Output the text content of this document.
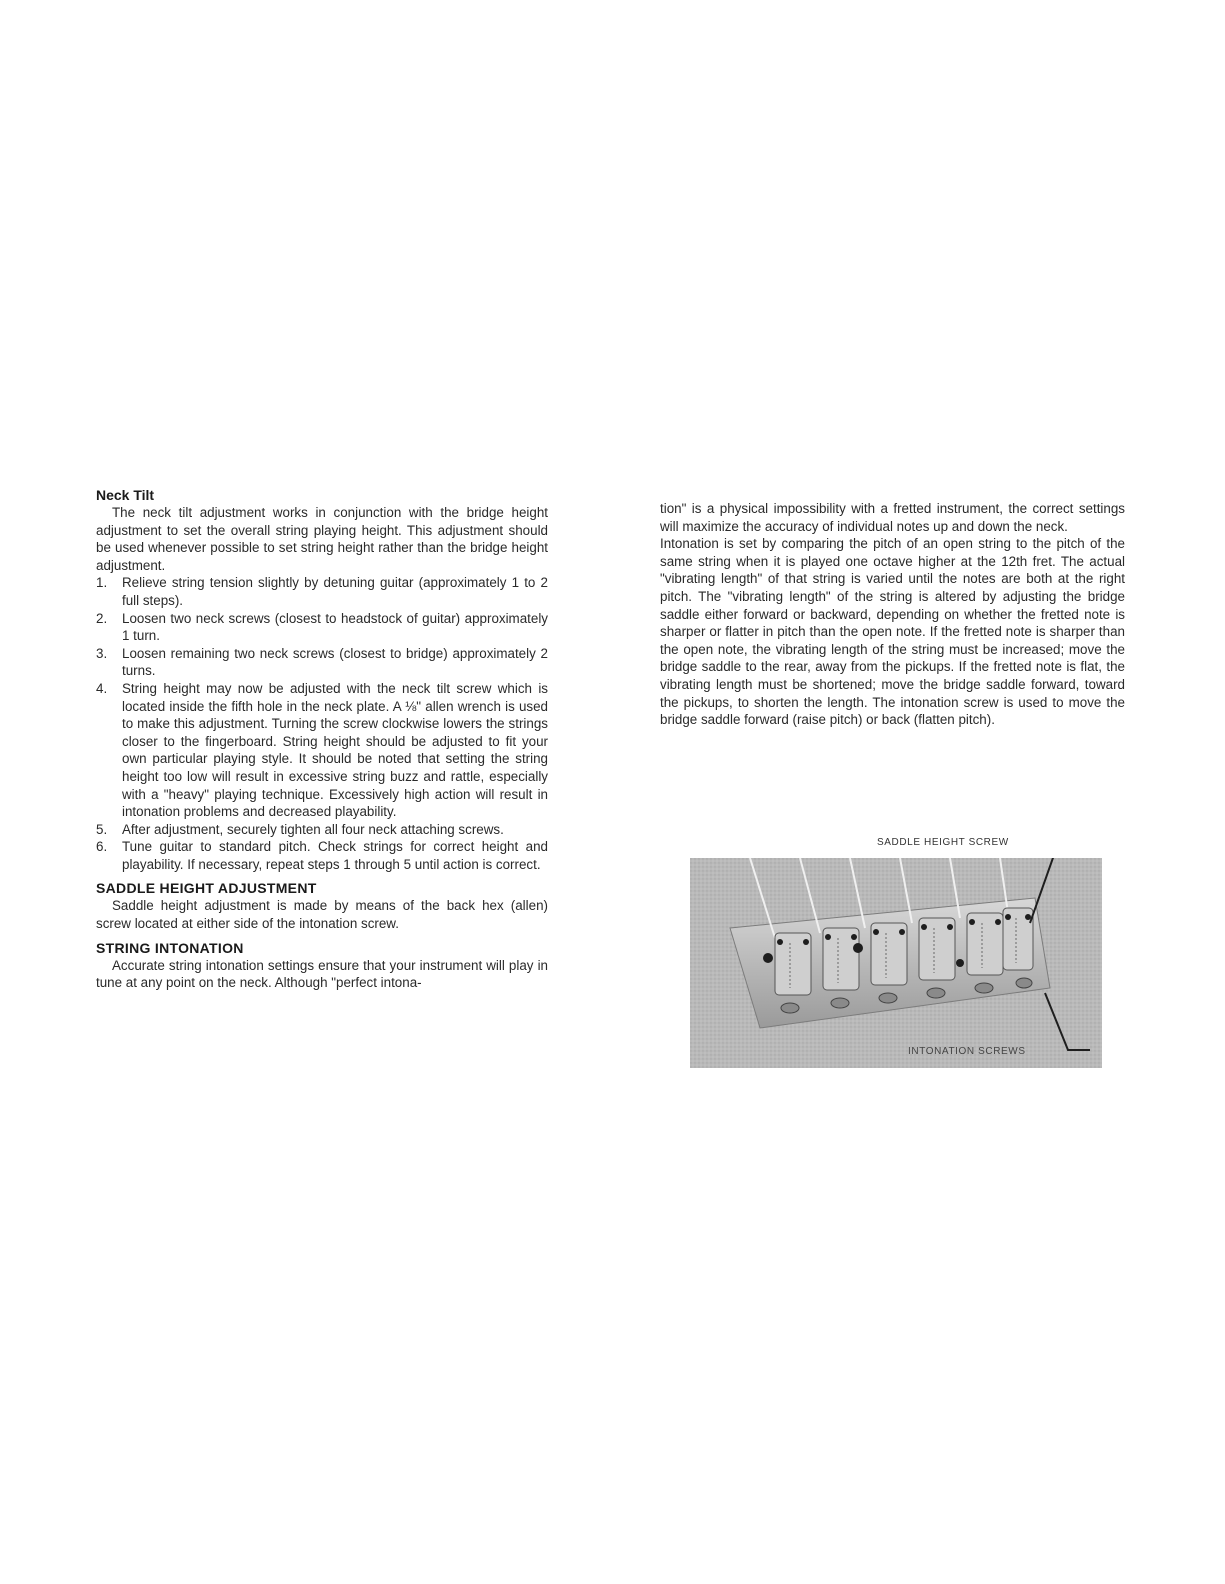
Neck Tilt

The neck tilt adjustment works in conjunction with the bridge height adjustment to set the overall string playing height. This adjustment should be used whenever possible to set string height rather than the bridge height adjustment.

1. Relieve string tension slightly by detuning guitar (approximately 1 to 2 full steps).
2. Loosen two neck screws (closest to headstock of guitar) approximately 1 turn.
3. Loosen remaining two neck screws (closest to bridge) approximately 2 turns.
4. String height may now be adjusted with the neck tilt screw which is located inside the fifth hole in the neck plate. A ⅛" allen wrench is used to make this adjustment. Turning the screw clockwise lowers the strings closer to the fingerboard. String height should be adjusted to fit your own particular playing style. It should be noted that setting the string height too low will result in excessive string buzz and rattle, especially with a "heavy" playing technique. Excessively high action will result in intonation problems and decreased playability.
5. After adjustment, securely tighten all four neck attaching screws.
6. Tune guitar to standard pitch. Check strings for correct height and playability. If necessary, repeat steps 1 through 5 until action is correct.
SADDLE HEIGHT ADJUSTMENT

Saddle height adjustment is made by means of the back hex (allen) screw located at either side of the intonation screw.

STRING INTONATION

Accurate string intonation settings ensure that your instrument will play in tune at any point on the neck. Although "perfect intona-

tion" is a physical impossibility with a fretted instrument, the correct settings will maximize the accuracy of individual notes up and down the neck.

Intonation is set by comparing the pitch of an open string to the pitch of the same string when it is played one octave higher at the 12th fret. The actual "vibrating length" of that string is varied until the notes are both at the right pitch. The "vibrating length" of the string is altered by adjusting the bridge saddle either forward or backward, depending on whether the fretted note is sharper or flatter in pitch than the open note. If the fretted note is sharper than the open note, the vibrating length of the string must be increased; move the bridge saddle to the rear, away from the pickups. If the fretted note is flat, the vibrating length must be shortened; move the bridge saddle forward, toward the pickups, to shorten the length. The intonation screw is used to move the bridge saddle forward (raise pitch) or back (flatten pitch).

SADDLE HEIGHT SCREW
INTONATION SCREWS
